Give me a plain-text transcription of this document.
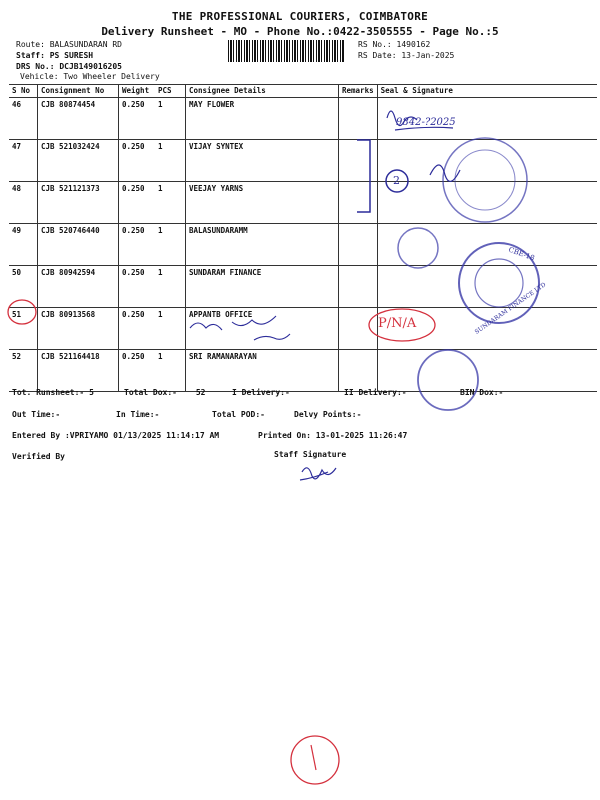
THE PROFESSIONAL COURIERS, COIMBATORE
Delivery Runsheet - MO - Phone No.:0422-3505555 - Page No.:5
Route: BALASUNDARAN RD
Staff: PS SURESH
DRS No.: DCJB149016205
Vehicle: Two Wheeler Delivery
RS No.: 1490162
RS Date: 13-Jan-2025
S No	Consignment No	Weight	PCS	Consignee Details	Remarks	Seal & Signature
46	CJB 80874454	0.250	1	MAY FLOWER		
47	CJB 521032424	0.250	1	VIJAY SYNTEX		
48	CJB 521121373	0.250	1	VEEJAY YARNS		
49	CJB 520746440	0.250	1	BALASUNDARAMM		
50	CJB 80942594	0.250	1	SUNDARAM FINANCE		
51	CJB 80913568	0.250	1	APPANTB OFFICE		
52	CJB 521164418	0.250	1	SRI RAMANARAYAN		
Tot. Runsheet:- 5	Total Dox:- 52	I Delivery:-	II Delivery:-	BIN Dox:-
Out Time:-	In Time:-	Total POD:-	Delvy Points:-
Entered By :VPRIYAMO 01/13/2025 11:14:17 AM	Printed On: 13-01-2025 11:26:47
Verified By	Staff Signature
9842-?2025
2
P/N/A	SUNDARAM FINANCE LTD
CBE-18
